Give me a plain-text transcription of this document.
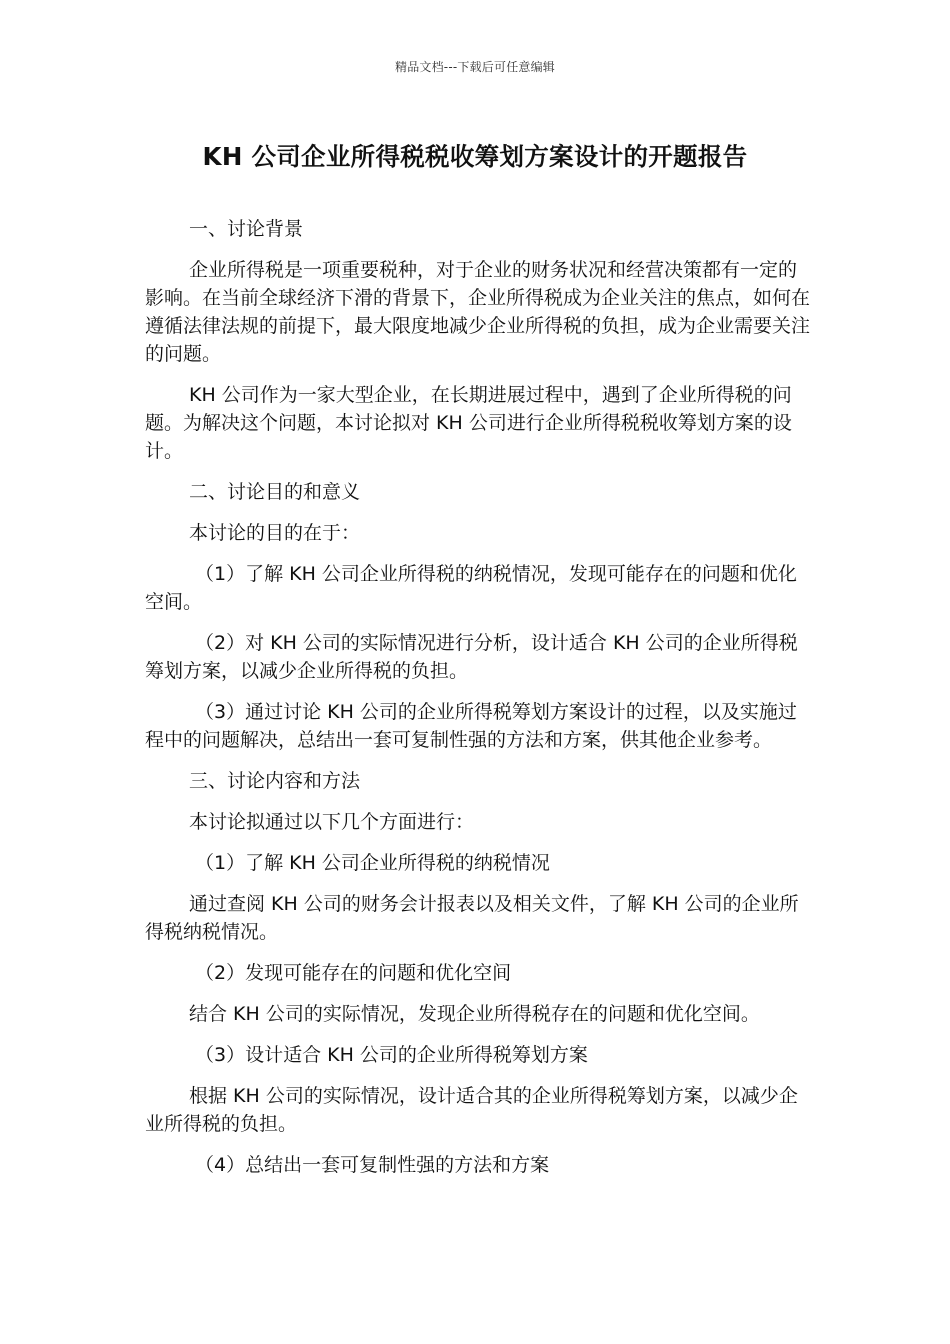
精品文档---下载后可任意编辑
KH 公司企业所得税税收筹划方案设计的开题报告

一、讨论背景

企业所得税是一项重要税种，对于企业的财务状况和经营决策都有一定的影响。在当前全球经济下滑的背景下，企业所得税成为企业关注的焦点，如何在遵循法律法规的前提下，最大限度地减少企业所得税的负担，成为企业需要关注的问题。

KH 公司作为一家大型企业，在长期进展过程中，遇到了企业所得税的问题。为解决这个问题，本讨论拟对 KH 公司进行企业所得税税收筹划方案的设计。

二、讨论目的和意义

本讨论的目的在于：

（1）了解 KH 公司企业所得税的纳税情况，发现可能存在的问题和优化空间。

（2）对 KH 公司的实际情况进行分析，设计适合 KH 公司的企业所得税筹划方案，以减少企业所得税的负担。

（3）通过讨论 KH 公司的企业所得税筹划方案设计的过程，以及实施过程中的问题解决，总结出一套可复制性强的方法和方案，供其他企业参考。

三、讨论内容和方法

本讨论拟通过以下几个方面进行：

（1）了解 KH 公司企业所得税的纳税情况

通过查阅 KH 公司的财务会计报表以及相关文件，了解 KH 公司的企业所得税纳税情况。

（2）发现可能存在的问题和优化空间

结合 KH 公司的实际情况，发现企业所得税存在的问题和优化空间。

（3）设计适合 KH 公司的企业所得税筹划方案

根据 KH 公司的实际情况，设计适合其的企业所得税筹划方案，以减少企业所得税的负担。

（4）总结出一套可复制性强的方法和方案
